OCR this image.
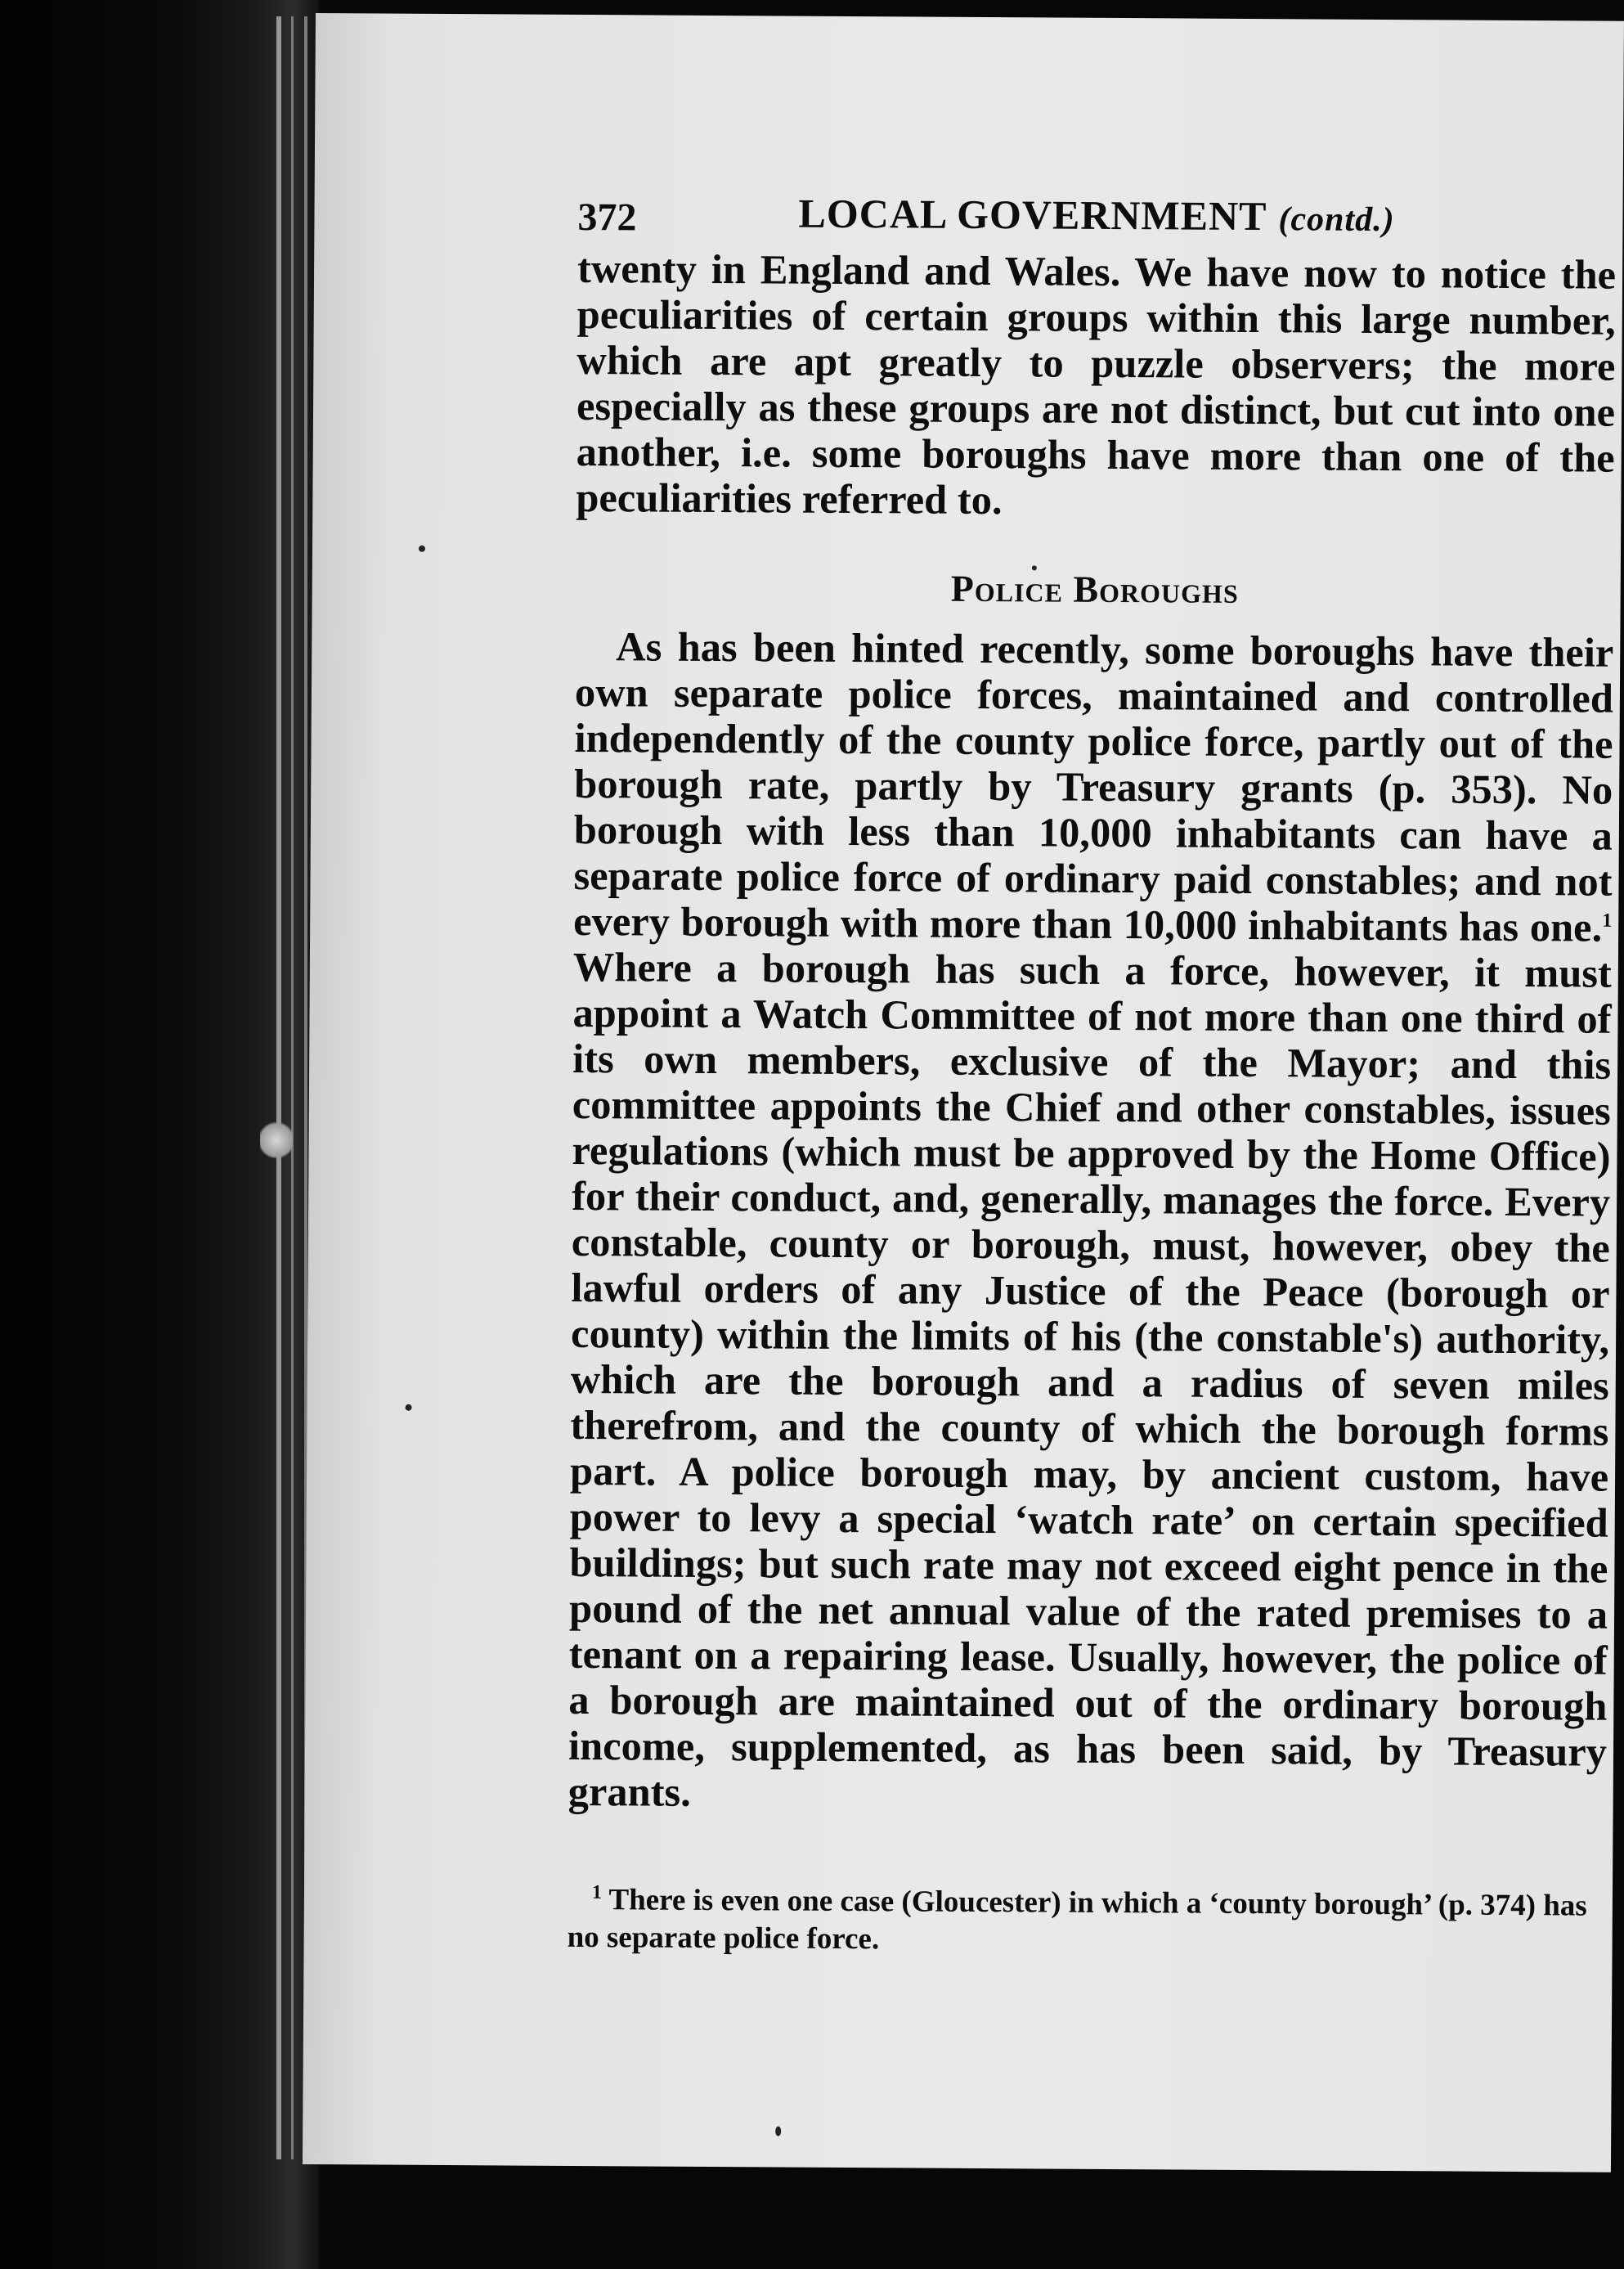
372	LOCAL GOVERNMENT (contd.)
twenty in England and Wales. We have now to notice the peculiarities of certain groups within this large number, which are apt greatly to puzzle observers; the more especially as these groups are not distinct, but cut into one another, i.e. some boroughs have more than one of the peculiarities referred to.
Police Boroughs
As has been hinted recently, some boroughs have their own separate police forces, maintained and controlled independently of the county police force, partly out of the borough rate, partly by Treasury grants (p. 353). No borough with less than 10,000 inhabitants can have a separate police force of ordinary paid constables; and not every borough with more than 10,000 inhabitants has one.$^1$ Where a borough has such a force, however, it must appoint a Watch Committee of not more than one third of its own members, exclusive of the Mayor; and this committee appoints the Chief and other constables, issues regulations (which must be approved by the Home Office) for their conduct, and, generally, manages the force. Every constable, county or borough, must, however, obey the lawful orders of any Justice of the Peace (borough or county) within the limits of his (the constable's) authority, which are the borough and a radius of seven miles therefrom, and the county of which the borough forms part. A police borough may, by ancient custom, have power to levy a special ‘watch rate’ on certain specified buildings; but such rate may not exceed eight pence in the pound of the net annual value of the rated premises to a tenant on a repairing lease. Usually, however, the police of a borough are maintained out of the ordinary borough income, supplemented, as has been said, by Treasury grants.
$^1$ There is even one case (Gloucester) in which a ‘county borough’ (p. 374) has no separate police force.
